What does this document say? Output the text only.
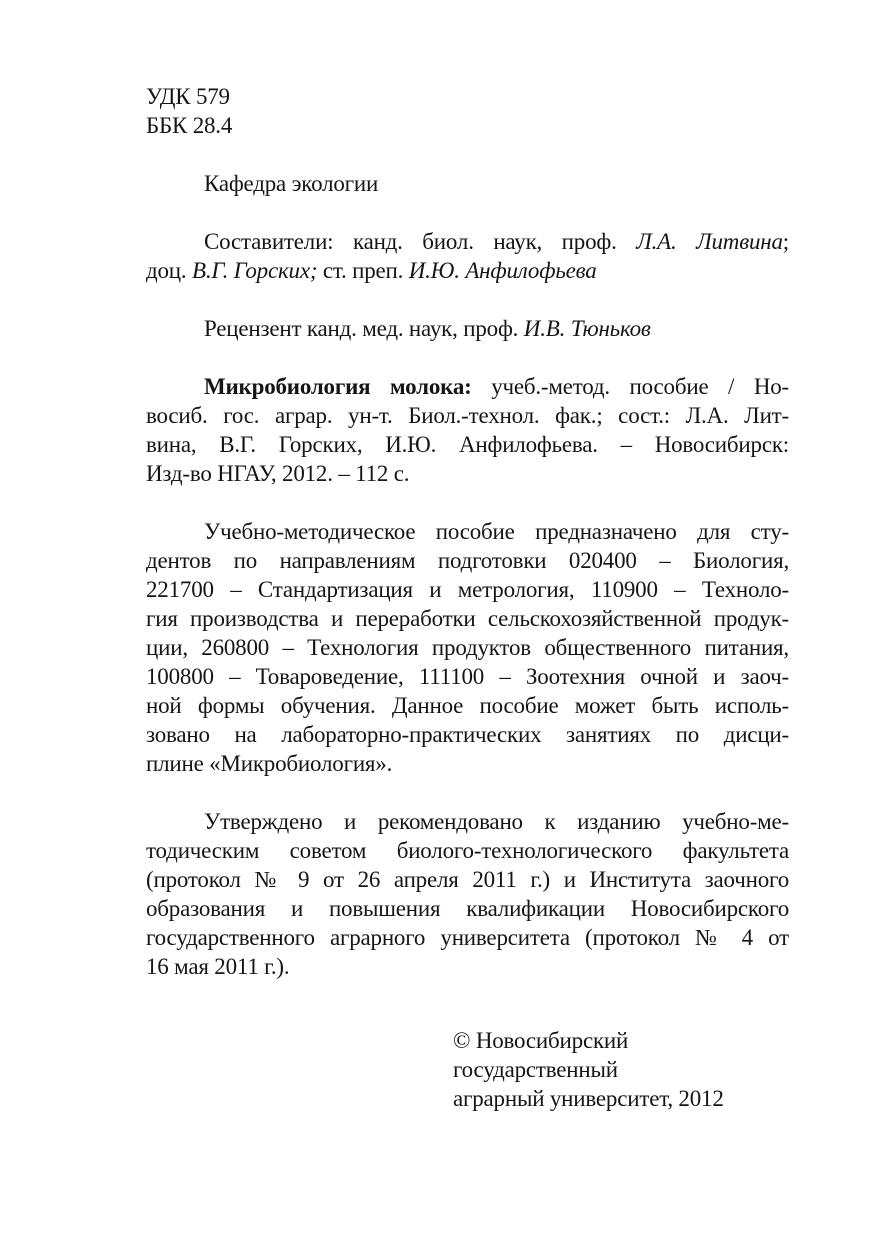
УДК 579
ББК 28.4
Кафедра экологии
Составители: канд. биол. наук, проф. Л.А. Литвина;
доц. В.Г. Горских; ст. преп. И.Ю. Анфилофьева
Рецензент канд. мед. наук, проф. И.В. Тюньков
Микробиология молока: учеб.-метод. пособие / Но-
восиб. гос. аграр. ун-т. Биол.-технол. фак.; сост.: Л.А. Лит-
вина, В.Г. Горских, И.Ю. Анфилофьева. – Новосибирск:
Изд-во НГАУ, 2012. – 112 с.
Учебно-методическое пособие предназначено для сту-
дентов по направлениям подготовки 020400 – Биология,
221700 – Стандартизация и метрология, 110900 – Техноло-
гия производства и переработки сельскохозяйственной продук-
ции, 260800 – Технология продуктов общественного питания,
100800 – Товароведение, 111100 – Зоотехния очной и заоч-
ной формы обучения. Данное пособие может быть исполь-
зовано на лабораторно-практических занятиях по дисци-
плине «Микробиология».
Утверждено и рекомендовано к изданию учебно-ме-
тодическим советом биолого-технологического факультета
(протокол № 9 от 26 апреля 2011 г.) и Института заочного
образования и повышения квалификации Новосибирского
государственного аграрного университета (протокол № 4 от
16 мая 2011 г.).
© Новосибирский государственный
аграрный университет, 2012
